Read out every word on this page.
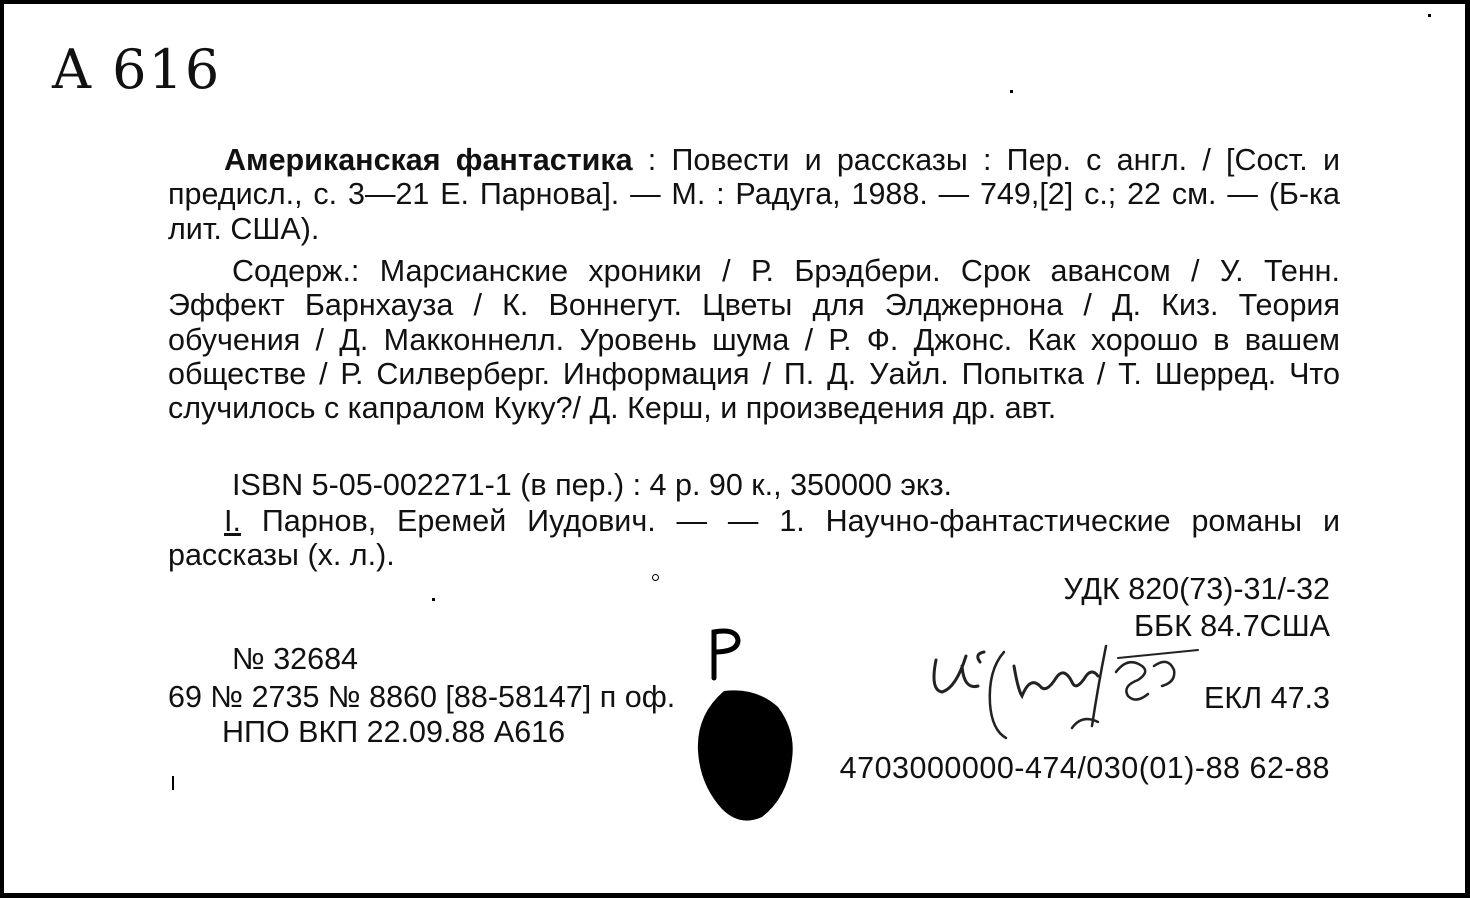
A 616
Американская фантастика : Повести и рассказы : Пер. с англ. / [Сост. и предисл., с. 3—21 Е. Парнова]. — М. : Радуга, 1988. — 749,[2] с.; 22 см. — (Б-ка лит. США).
Содерж.: Марсианские хроники / Р. Брэдбери. Срок авансом / У. Тенн. Эффект Барнхауза / К. Воннегут. Цветы для Элджернона / Д. Киз. Теория обучения / Д. Макконнелл. Уровень шума / Р. Ф. Джонс. Как хорошо в вашем обществе / Р. Силверберг. Информация / П. Д. Уайл. Попытка / Т. Шерред. Что случилось с капралом Куку?/ Д. Керш, и произведения др. авт.
ISBN 5-05-002271-1 (в пер.) : 4 р. 90 к., 350000 экз.
I. Парнов, Еремей Иудович. — — 1. Научно-фантастические романы и рассказы (х. л.).
УДК 820(73)-31/-32
ББК 84.7США
№ 32684
69 № 2735 № 8860 [88-58147] п оф.
НПО ВКП 22.09.88 А616
ЕКЛ 47.3
4703000000-474/030(01)-88 62-88
